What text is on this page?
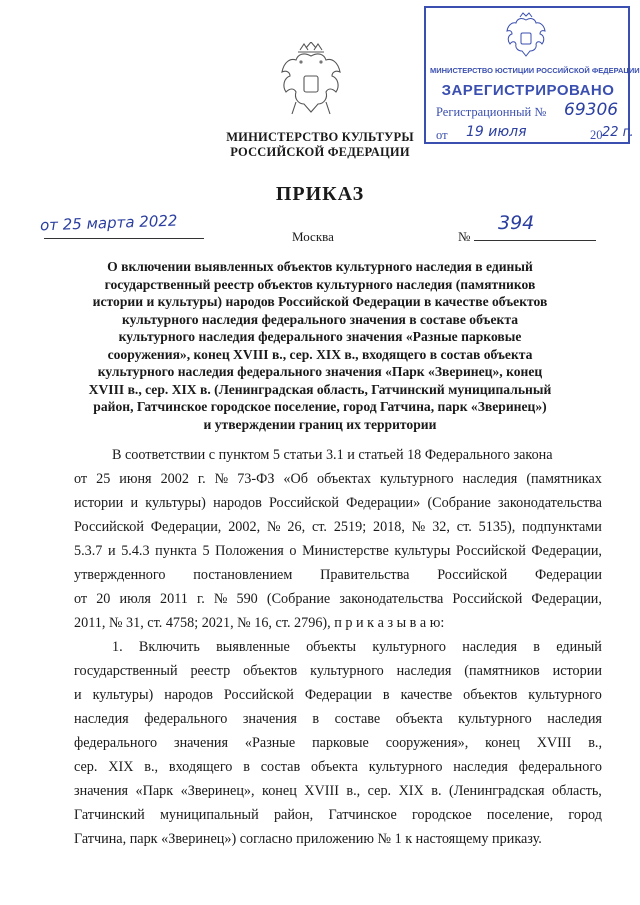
МИНИСТЕРСТВО КУЛЬТУРЫ
РОССИЙСКОЙ ФЕДЕРАЦИИ
МИНИСТЕРСТВО ЮСТИЦИИ РОССИЙСКОЙ ФЕДЕРАЦИИ
ЗАРЕГИСТРИРОВАНО
Регистрационный № 69306
от 19 июля	20 22 г.
ПРИКАЗ
от 25 марта 2022
Москва	№
394
О включении выявленных объектов культурного наследия в единый
государственный реестр объектов культурного наследия (памятников
истории и культуры) народов Российской Федерации в качестве объектов
культурного наследия федерального значения в составе объекта
культурного наследия федерального значения «Разные парковые
сооружения», конец XVIII в., сер. XIX в., входящего в состав объекта
культурного наследия федерального значения «Парк «Зверинец», конец
XVIII в., сер. XIX в. (Ленинградская область, Гатчинский муниципальный
район, Гатчинское городское поселение, город Гатчина, парк «Зверинец»)
и утверждении границ их территории
В соответствии с пунктом 5 статьи 3.1 и статьей 18 Федерального закона
от 25 июня 2002 г. № 73-ФЗ «Об объектах культурного наследия (памятниках
истории и культуры) народов Российской Федерации» (Собрание законодательства
Российской Федерации, 2002, № 26, ст. 2519; 2018, № 32, ст. 5135), подпунктами
5.3.7 и 5.4.3 пункта 5 Положения о Министерстве культуры Российской Федерации,
утвержденного постановлением Правительства Российской Федерации
от 20 июля 2011 г. № 590 (Собрание законодательства Российской Федерации,
2011, № 31, ст. 4758; 2021, № 16, ст. 2796), п р и к а з ы в а ю:
1. Включить выявленные объекты культурного наследия в единый
государственный реестр объектов культурного наследия (памятников истории
и культуры) народов Российской Федерации в качестве объектов культурного
наследия федерального значения в составе объекта культурного наследия
федерального значения «Разные парковые сооружения», конец XVIII в.,
сер. XIX в., входящего в состав объекта культурного наследия федерального
значения «Парк «Зверинец», конец XVIII в., сер. XIX в. (Ленинградская область,
Гатчинский муниципальный район, Гатчинское городское поселение, город
Гатчина, парк «Зверинец») согласно приложению № 1 к настоящему приказу.
